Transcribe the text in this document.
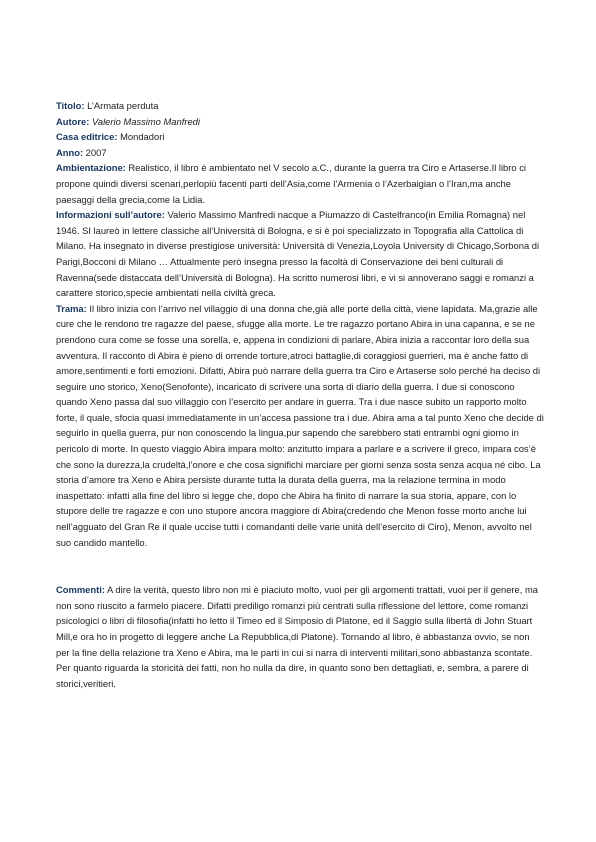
Titolo: L’Armata perduta

Autore: Valerio Massimo Manfredi

Casa editrice: Mondadori

Anno: 2007

Ambientazione: Realistico, il libro è ambientato nel V secolo a.C., durante la guerra tra Ciro e Artaserse.Il libro ci propone quindi diversi scenari,perlopiù facenti parti dell’Asia,come l’Armenia o l’Azerbaigian o l’Iran,ma anche paesaggi della grecia,come la Lidia.

Informazioni sull’autore: Valerio Massimo Manfredi nacque a Piumazzo di Castelfranco(in Emilia Romagna) nel 1946. SI laureò in lettere classiche all’Università di Bologna, e si è poi specializzato in Topografia alla Cattolica di Milano. Ha insegnato in diverse prestigiose università: Università di Venezia,Loyola University di Chicago,Sorbona di Parigi,Bocconi di Milano … Attualmente però insegna presso la facoltà di Conservazione dei beni culturali di Ravenna(sede distaccata dell’Università di Bologna). Ha scritto numerosi libri, e vi si annoverano saggi e romanzi a carattere storico,specie ambientati nella civiltà greca.

Trama: Il libro inizia con l’arrivo nel villaggio di una donna che,già alle porte della città, viene lapidata. Ma,grazie alle cure che le rendono tre ragazze del paese, sfugge alla morte. Le tre ragazzo portano Abira in una capanna, e se ne prendono cura come se fosse una sorella, e, appena in condizioni di parlare, Abira inizia a raccontar loro della sua avventura. Il racconto di Abira è pieno di orrende torture,atroci battaglie,di coraggiosi guerrieri, ma è anche fatto di amore,sentimenti e forti emozioni. Difatti, Abira può narrare della guerra tra Ciro e Artaserse solo perché ha deciso di seguire uno storico, Xeno(Senofonte), incaricato di scrivere una sorta di diario della guerra. I due si conoscono quando Xeno passa dal suo villaggio con l’esercito per andare in guerra. Tra i due nasce subito un rapporto molto forte, il quale, sfocia quasi immediatamente in un’accesa passione tra i due. Abira ama a tal punto Xeno che decide di seguirlo in quella guerra, pur non conoscendo la lingua,pur sapendo che sarebbero stati entrambi ogni giorno in pericolo di morte. In questo viaggio Abira impara molto: anzitutto impara a parlare e a scrivere il greco, impara cos’è che sono la durezza,la crudeltà,l’onore e che cosa significhi marciare per giorni senza sosta senza acqua né cibo. La storia d’amore tra Xeno e Abira persiste durante tutta la durata della guerra, ma la relazione termina in modo inaspettato: infatti alla fine del libro si legge che, dopo che Abira ha finito di narrare la sua storia, appare, con lo stupore delle tre ragazze e con uno stupore ancora maggiore di Abira(credendo che Menon fosse morto anche lui nell’agguato del Gran Re il quale uccise tutti i comandanti delle varie unità dell’esercito di Ciro), Menon, avvolto nel suo candido mantello.

Commenti: A dire la verità, questo libro non mi è piaciuto molto, vuoi per gli argomenti trattati, vuoi per il genere, ma non sono riuscito a farmelo piacere. Difatti prediligo romanzi più centrati sulla riflessione del lettore, come romanzi psicologici o libri di filosofia(infatti ho letto il Timeo ed il Simposio di Platone, ed il Saggio sulla libertà di John Stuart Mill,e ora ho in progetto di leggere anche La Repubblica,di Platone). Tornando al libro, è abbastanza ovvio, se non per la fine della relazione tra Xeno e Abira, ma le parti in cui si narra di interventi militari,sono abbastanza scontate. Per quanto riguarda la storicità dei fatti, non ho nulla da dire, in quanto sono ben dettagliati, e, sembra, a parere di storici,veritieri.
